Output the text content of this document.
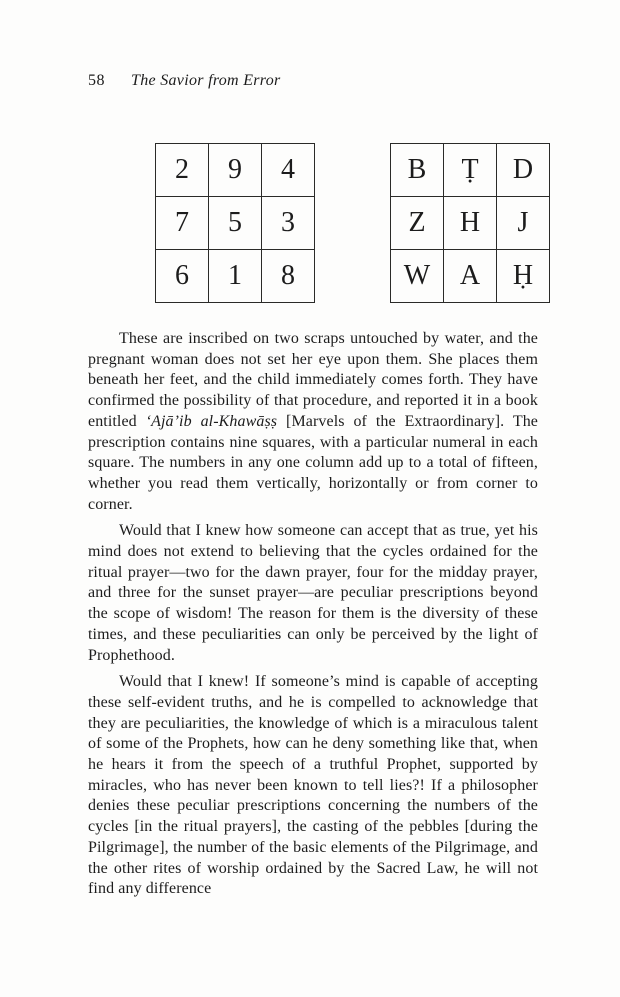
58 The Savior from Error
2	9	4
7	5	3
6	1	8
B	Ṭ	D
Z	H	J
W	A	Ḥ

These are inscribed on two scraps untouched by water, and the pregnant woman does not set her eye upon them. She places them beneath her feet, and the child immediately comes forth. They have confirmed the possibility of that procedure, and reported it in a book entitled ‘Ajā’ib al-Khawāṣṣ [Marvels of the Extraordinary]. The prescription contains nine squares, with a particular numeral in each square. The numbers in any one column add up to a total of fifteen, whether you read them vertically, horizontally or from corner to corner.

Would that I knew how someone can accept that as true, yet his mind does not extend to believing that the cycles ordained for the ritual prayer—two for the dawn prayer, four for the midday prayer, and three for the sunset prayer—are peculiar prescriptions beyond the scope of wisdom! The reason for them is the diversity of these times, and these peculiarities can only be perceived by the light of Prophethood.

Would that I knew! If someone’s mind is capable of accepting these self-evident truths, and he is compelled to acknowledge that they are peculiarities, the knowledge of which is a miraculous talent of some of the Prophets, how can he deny something like that, when he hears it from the speech of a truthful Prophet, supported by miracles, who has never been known to tell lies?! If a philosopher denies these peculiar prescriptions concerning the numbers of the cycles [in the ritual prayers], the casting of the pebbles [during the Pilgrimage], the number of the basic elements of the Pilgrimage, and the other rites of worship ordained by the Sacred Law, he will not find any difference
